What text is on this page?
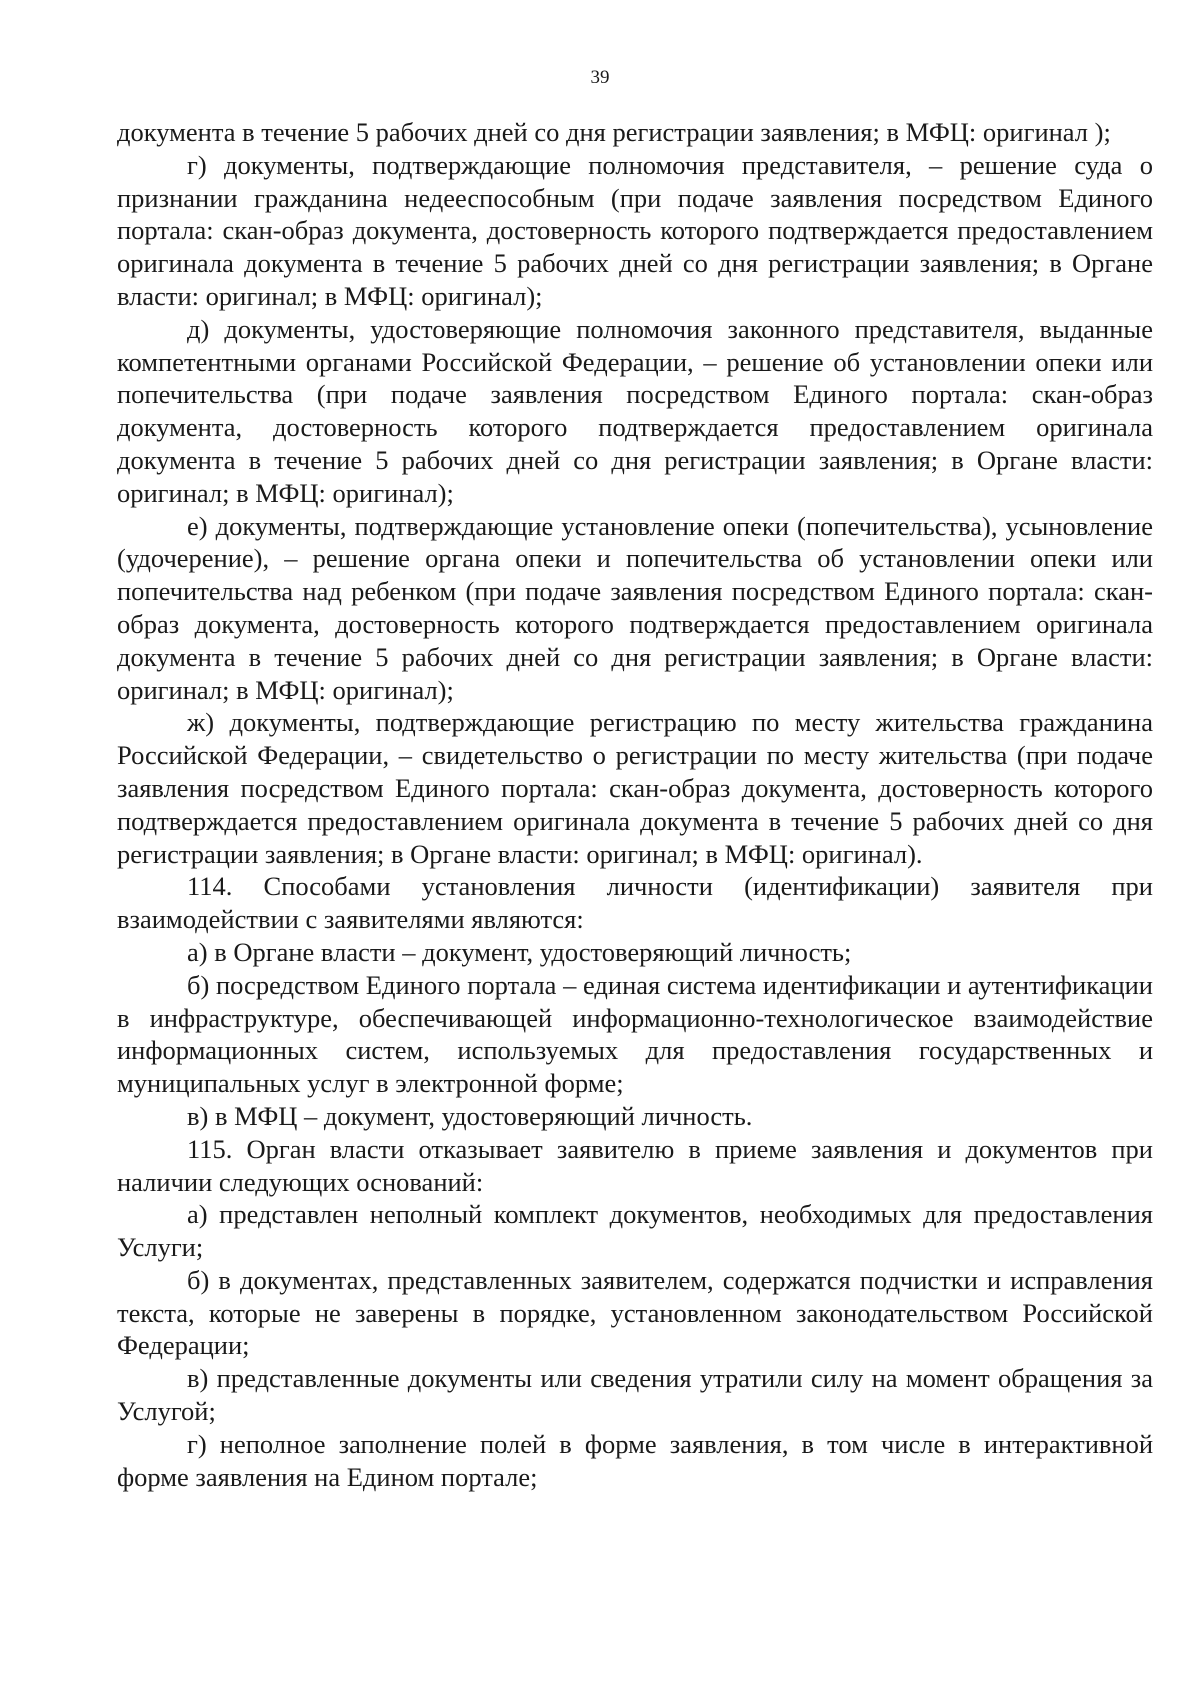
39

документа в течение 5 рабочих дней со дня регистрации заявления; в МФЦ: оригинал );

г) документы, подтверждающие полномочия представителя, – решение суда о признании гражданина недееспособным (при подаче заявления посредством Единого портала: скан-образ документа, достоверность которого подтверждается предоставлением оригинала документа в течение 5 рабочих дней со дня регистрации заявления; в Органе власти: оригинал; в МФЦ: оригинал);

д) документы, удостоверяющие полномочия законного представителя, выданные компетентными органами Российской Федерации, – решение об установлении опеки или попечительства (при подаче заявления посредством Единого портала: скан-образ документа, достоверность которого подтверждается предоставлением оригинала документа в течение 5 рабочих дней со дня регистрации заявления; в Органе власти: оригинал; в МФЦ: оригинал);

е) документы, подтверждающие установление опеки (попечительства), усыновление (удочерение), – решение органа опеки и попечительства об установлении опеки или попечительства над ребенком (при подаче заявления посредством Единого портала: скан-образ документа, достоверность которого подтверждается предоставлением оригинала документа в течение 5 рабочих дней со дня регистрации заявления; в Органе власти: оригинал; в МФЦ: оригинал);

ж) документы, подтверждающие регистрацию по месту жительства гражданина Российской Федерации, – свидетельство о регистрации по месту жительства (при подаче заявления посредством Единого портала: скан-образ документа, достоверность которого подтверждается предоставлением оригинала документа в течение 5 рабочих дней со дня регистрации заявления; в Органе власти: оригинал; в МФЦ: оригинал).

114. Способами установления личности (идентификации) заявителя при взаимодействии с заявителями являются:

а) в Органе власти – документ, удостоверяющий личность;

б) посредством Единого портала – единая система идентификации и аутентификации в инфраструктуре, обеспечивающей информационно-технологическое взаимодействие информационных систем, используемых для предоставления государственных и муниципальных услуг в электронной форме;

в) в МФЦ – документ, удостоверяющий личность.

115. Орган власти отказывает заявителю в приеме заявления и документов при наличии следующих оснований:

а) представлен неполный комплект документов, необходимых для предоставления Услуги;

б) в документах, представленных заявителем, содержатся подчистки и исправления текста, которые не заверены в порядке, установленном законодательством Российской Федерации;

в) представленные документы или сведения утратили силу на момент обращения за Услугой;

г) неполное заполнение полей в форме заявления, в том числе в интерактивной форме заявления на Едином портале;
